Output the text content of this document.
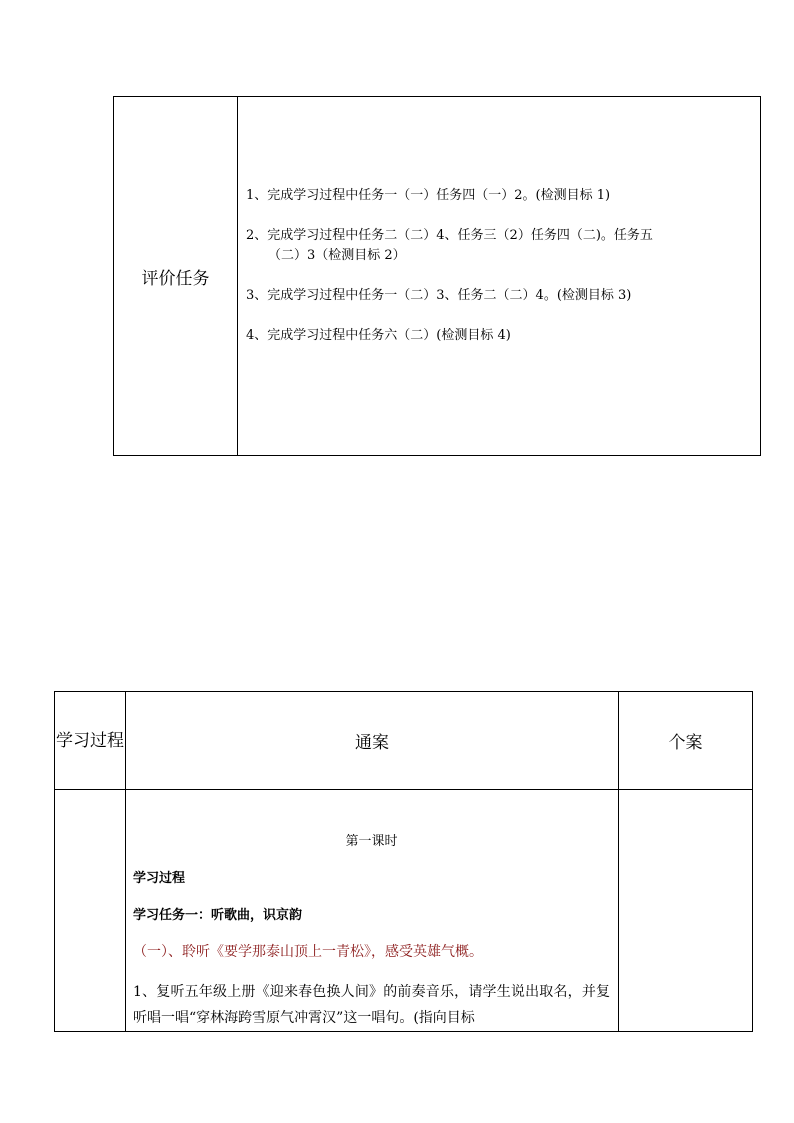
评价任务	

1、完成学习过程中任务一（一）任务四（一）2。(检测目标 1)

2、完成学习过程中任务二（二）4、任务三（2）任务四（二)。任务五
（二）3（检测目标 2）

3、完成学习过程中任务一（二）3、任务二（二）4。(检测目标 3)

4、完成学习过程中任务六（二）(检测目标 4)

学习过程	通案	个案

	第一课时

学习过程

学习任务一：听歌曲，识京韵

（一）、聆听《要学那泰山顶上一青松》，感受英雄气概。

1、复听五年级上册《迎来春色换人间》的前奏音乐，请学生说出取名，并复听唱一唱“穿林海跨雪原气冲霄汉”这一唱句。(指向目标	
